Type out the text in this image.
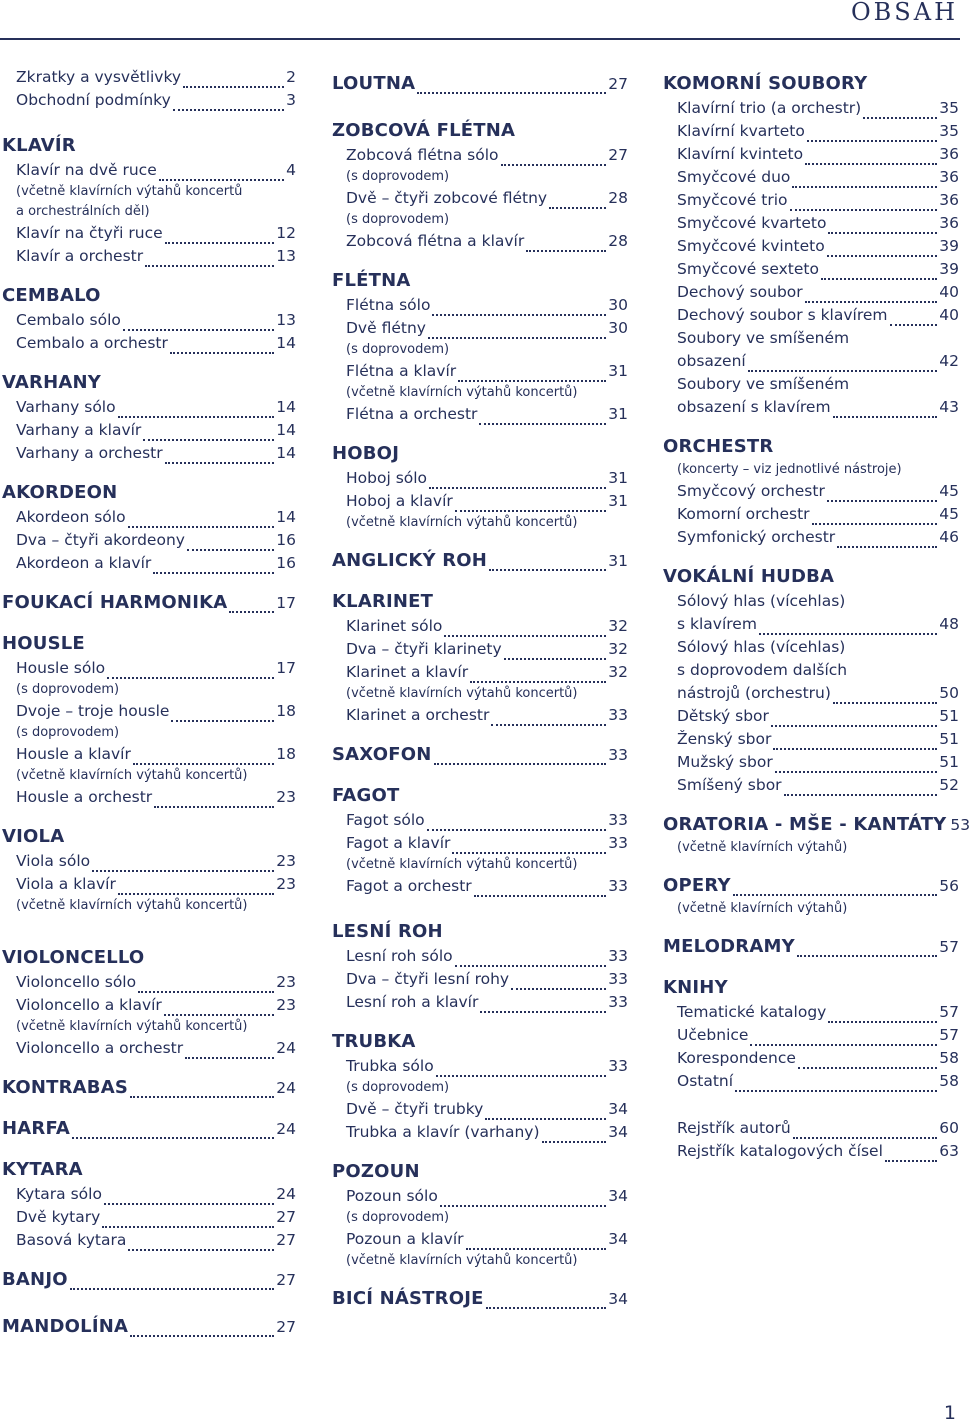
OBSAH
Zkratky a vysvětlivky	2
Obchodní podmínky	3
KLAVÍR
Klavír na dvě ruce	4
(včetně klavírních výtahů koncertů
a orchestrálních děl)
Klavír na čtyři ruce	12
Klavír a orchestr	13
CEMBALO
Cembalo sólo	13
Cembalo a orchestr	14
VARHANY
Varhany sólo	14
Varhany a klavír	14
Varhany a orchestr	14
AKORDEON
Akordeon sólo	14
Dva – čtyři akordeony	16
Akordeon a klavír	16
FOUKACÍ HARMONIKA	17
HOUSLE
Housle sólo	17
(s doprovodem)
Dvoje – troje housle	18
(s doprovodem)
Housle a klavír	18
(včetně klavírních výtahů koncertů)
Housle a orchestr	23
VIOLA
Viola sólo	23
Viola a klavír	23
(včetně klavírních výtahů koncertů)
VIOLONCELLO
Violoncello sólo	23
Violoncello a klavír	23
(včetně klavírních výtahů koncertů)
Violoncello a orchestr	24
KONTRABAS	24
HARFA	24
KYTARA
Kytara sólo	24
Dvě kytary	27
Basová kytara	27
BANJO	27
MANDOLÍNA	27
LOUTNA	27
ZOBCOVÁ FLÉTNA
Zobcová flétna sólo	27
(s doprovodem)
Dvě – čtyři zobcové flétny	28
(s doprovodem)
Zobcová flétna a klavír	28
FLÉTNA
Flétna sólo	30
Dvě flétny	30
(s doprovodem)
Flétna a klavír	31
(včetně klavírních výtahů koncertů)
Flétna a orchestr	31
HOBOJ
Hoboj sólo	31
Hoboj a klavír	31
(včetně klavírních výtahů koncertů)
ANGLICKÝ ROH	31
KLARINET
Klarinet sólo	32
Dva – čtyři klarinety	32
Klarinet a klavír	32
(včetně klavírních výtahů koncertů)
Klarinet a orchestr	33
SAXOFON	33
FAGOT
Fagot sólo	33
Fagot a klavír	33
(včetně klavírních výtahů koncertů)
Fagot a orchestr	33
LESNÍ ROH
Lesní roh sólo	33
Dva – čtyři lesní rohy	33
Lesní roh a klavír	33
TRUBKA
Trubka sólo	33
(s doprovodem)
Dvě – čtyři trubky	34
Trubka a klavír (varhany)	34
POZOUN
Pozoun sólo	34
(s doprovodem)
Pozoun a klavír	34
(včetně klavírních výtahů koncertů)
BICÍ NÁSTROJE	34
KOMORNÍ SOUBORY
Klavírní trio (a orchestr)	35
Klavírní kvarteto	35
Klavírní kvinteto	36
Smyčcové duo	36
Smyčcové trio	36
Smyčcové kvarteto	36
Smyčcové kvinteto	39
Smyčcové sexteto	39
Dechový soubor	40
Dechový soubor s klavírem	40
Soubory ve smíšeném
obsazení	42
Soubory ve smíšeném
obsazení s klavírem	43
ORCHESTR
(koncerty – viz jednotlivé nástroje)
Smyčcový orchestr	45
Komorní orchestr	45
Symfonický orchestr	46
VOKÁLNÍ HUDBA
Sólový hlas (vícehlas)
s klavírem	48
Sólový hlas (vícehlas)
s doprovodem dalších
nástrojů (orchestru)	50
Dětský sbor	51
Ženský sbor	51
Mužský sbor	51
Smíšený sbor	52
ORATORIA - MŠE - KANTÁTY 53
(včetně klavírních výtahů)
OPERY	56
(včetně klavírních výtahů)
MELODRAMY	57
KNIHY
Tematické katalogy	57
Učebnice	57
Korespondence	58
Ostatní	58
Rejstřík autorů	60
Rejstřík katalogových čísel	63
1
